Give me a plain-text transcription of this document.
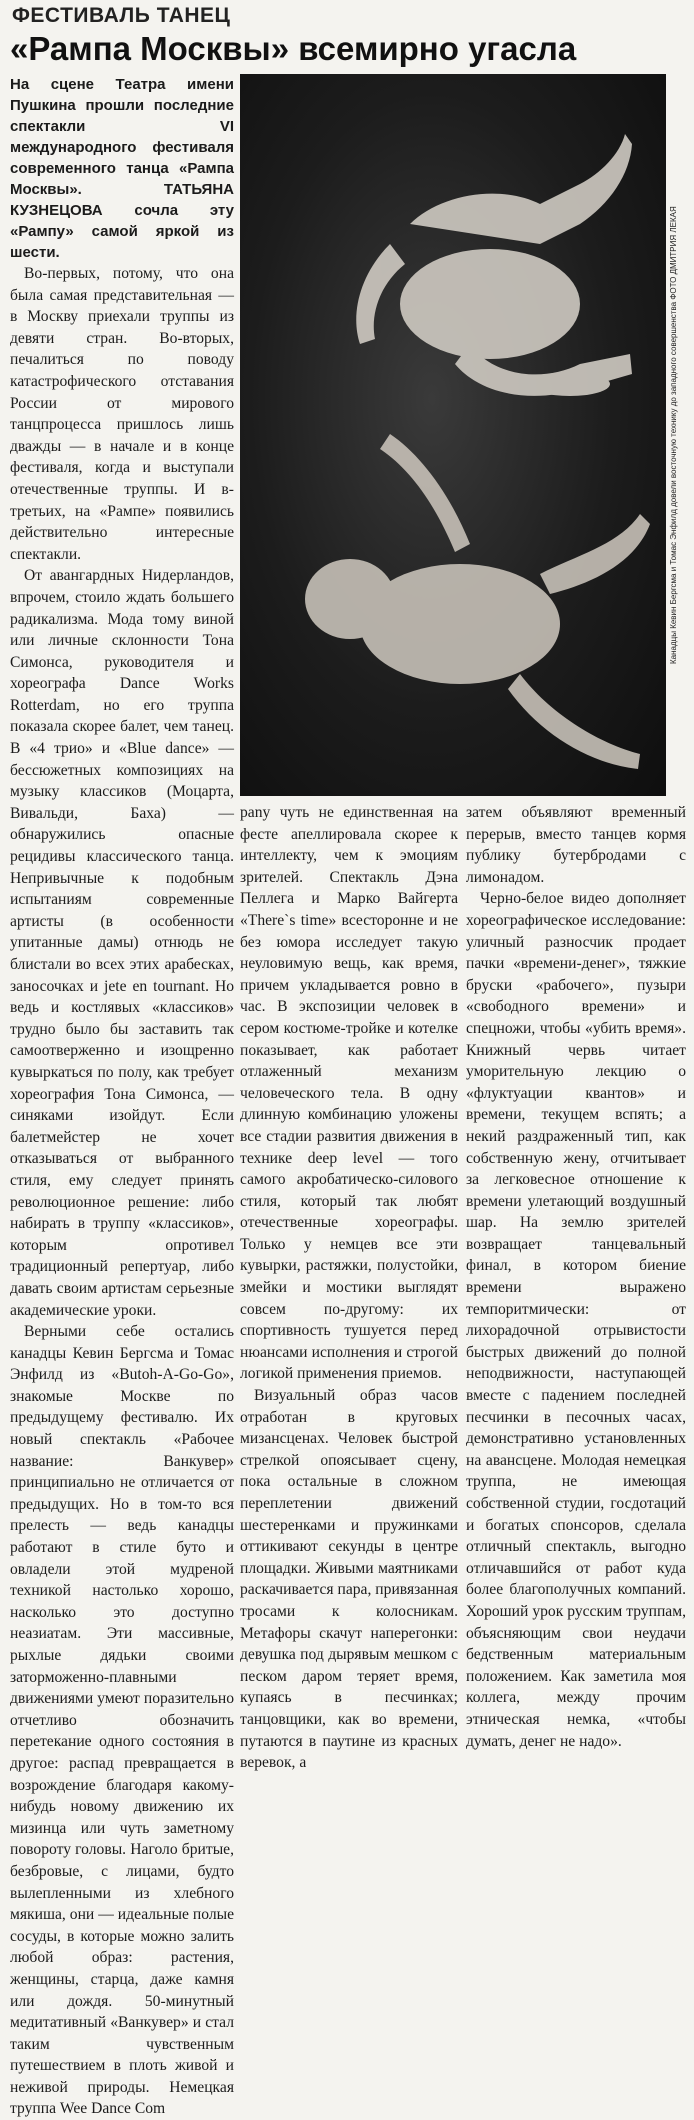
ФЕСТИВАЛЬ ТАНЕЦ
«Рампа Москвы» всемирно угасла

На сцене Театра имени Пушкина прошли последние спектакли VI международного фестиваля современного танца «Рампа Москвы». ТАТЬЯНА КУЗНЕЦОВА сочла эту «Рампу» самой яркой из шести.

Во-первых, потому, что она была самая представительная — в Москву приехали труппы из девяти стран. Во-вторых, печалиться по поводу катастрофического отставания России от мирового танцпроцесса пришлось лишь дважды — в начале и в конце фестиваля, когда и выступали отечественные труппы. И в-третьих, на «Рампе» появились действительно интересные спектакли.

От авангардных Нидерландов, впрочем, стоило ждать большего радикализма. Мода тому виной или личные склонности Тона Симонса, руководителя и хореографа Dance Works Rotterdam, но его труппа показала скорее балет, чем танец. В «4 трио» и «Blue dance» — бессюжетных композициях на музыку классиков (Моцарта, Вивальди, Баха) — обнаружились опасные рецидивы классического танца. Непривычные к подобным испытаниям современные артисты (в особенности упитанные дамы) отнюдь не блистали во всех этих арабесках, заносочках и jete en tournant. Но ведь и костлявых «классиков» трудно было бы заставить так самоотверженно и изощренно кувыркаться по полу, как требует хореография Тона Симонса, — синяками изойдут. Если балетмейстер не хочет отказываться от выбранного стиля, ему следует принять революционное решение: либо набирать в труппу «классиков», которым опротивел традиционный репертуар, либо давать своим артистам серьезные академические уроки.

Верными себе остались канадцы Кевин Бергсма и Томас Энфилд из «Butoh-A-Go-Go», знакомые Москве по предыдущему фестивалю. Их новый спектакль «Рабочее название: Ванкувер» принципиально не отличается от предыдущих. Но в том-то вся прелесть — ведь канадцы работают в стиле буто и овладели этой мудреной техникой настолько хорошо, насколько это доступно неазиатам. Эти массивные, рыхлые дядьки своими заторможенно-плавными движениями умеют поразительно отчетливо обозначить перетекание одного состояния в другое: распад превращается в возрождение благодаря какому-нибудь новому движению их мизинца или чуть заметному повороту головы. Наголо бритые, безбровые, с лицами, будто вылепленными из хлебного мякиша, они — идеальные полые сосуды, в которые можно залить любой образ: растения, женщины, старца, даже камня или дождя. 50-минутный медитативный «Ванкувер» и стал таким чувственным путешествием в плоть живой и неживой природы. Немецкая труппа Wee Dance Com

Канадцы Кевин Бергсма и Томас Энфилд довели восточную технику до западного совершенства ФОТО ДМИТРИЯ ЛЕКАЯ

pany чуть не единственная на фесте апеллировала скорее к интеллекту, чем к эмоциям зрителей. Спектакль Дэна Пеллега и Марко Вайгерта «There`s time» всесторонне и не без юмора исследует такую неуловимую вещь, как время, причем укладывается ровно в час. В экспозиции человек в сером костюме-тройке и котелке показывает, как работает отлаженный механизм человеческого тела. В одну длинную комбинацию уложены все стадии развития движения в технике deep level — того самого акробатическо-силового стиля, который так любят отечественные хореографы. Только у немцев все эти кувырки, растяжки, полустойки, змейки и мостики выглядят совсем по-другому: их спортивность тушуется перед нюансами исполнения и строгой логикой применения приемов.

Визуальный образ часов отработан в круговых мизансценах. Человек быстрой стрелкой опоясывает сцену, пока остальные в сложном переплетении движений шестеренками и пружинками оттикивают секунды в центре площадки. Живыми маятниками раскачивается пара, привязанная тросами к колосникам. Метафоры скачут наперегонки: девушка под дырявым мешком с песком даром теряет время, купаясь в песчинках; танцовщики, как во времени, путаются в паутине из красных веревок, а

затем объявляют временный перерыв, вместо танцев кормя публику бутербродами с лимонадом.

Черно-белое видео дополняет хореографическое исследование: уличный разносчик продает пачки «времени-денег», тяжкие бруски «рабочего», пузыри «свободного времени» и спецножи, чтобы «убить время». Книжный червь читает уморительную лекцию о «флуктуации квантов» и времени, текущем вспять; а некий раздраженный тип, как собственную жену, отчитывает за легковесное отношение к времени улетающий воздушный шар. На землю зрителей возвращает танцевальный финал, в котором биение времени выражено темпоритмически: от лихорадочной отрывистости быстрых движений до полной неподвижности, наступающей вместе с падением последней песчинки в песочных часах, демонстративно установленных на авансцене. Молодая немецкая труппа, не имеющая собственной студии, госдотаций и богатых спонсоров, сделала отличный спектакль, выгодно отличавшийся от работ куда более благополучных компаний. Хороший урок русским труппам, объясняющим свои неудачи бедственным материальным положением. Как заметила моя коллега, между прочим этническая немка, «чтобы думать, денег не надо».
